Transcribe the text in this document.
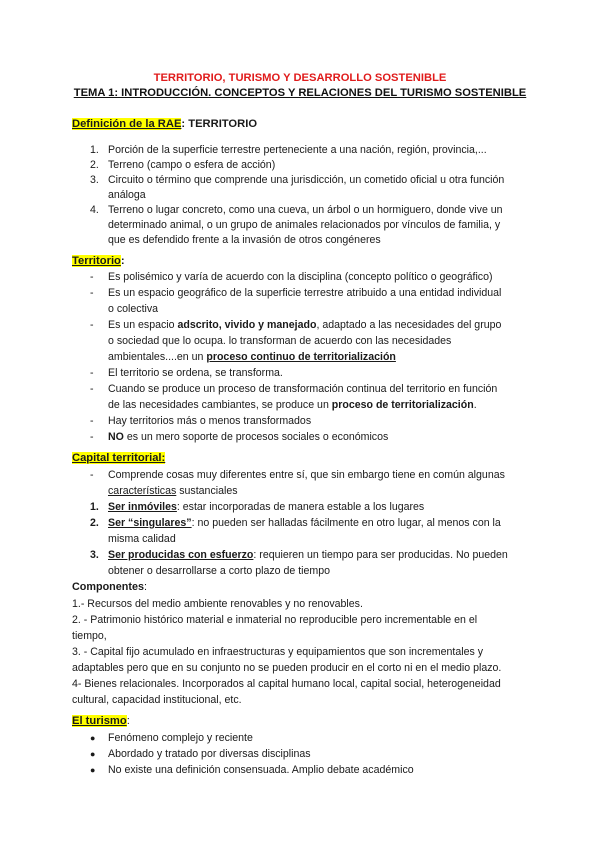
TERRITORIO, TURISMO Y DESARROLLO SOSTENIBLE
TEMA 1: INTRODUCCIÓN. CONCEPTOS Y RELACIONES DEL TURISMO SOSTENIBLE
Definición de la RAE: TERRITORIO
1. Porción de la superficie terrestre perteneciente a una nación, región, provincia,...
2. Terreno (campo o esfera de acción)
3. Circuito o término que comprende una jurisdicción, un cometido oficial u otra función
análoga
4. Terreno o lugar concreto, como una cueva, un árbol o un hormiguero, donde vive un
determinado animal, o un grupo de animales relacionados por vínculos de familia, y
que es defendido frente a la invasión de otros congéneres
Territorio:
- Es polisémico y varía de acuerdo con la disciplina (concepto político o geográfico)
- Es un espacio geográfico de la superficie terrestre atribuido a una entidad individual
o colectiva
- Es un espacio adscrito, vivido y manejado, adaptado a las necesidades del grupo
o sociedad que lo ocupa. lo transforman de acuerdo con las necesidades
ambientales....en un proceso continuo de territorialización
- El territorio se ordena, se transforma.
- Cuando se produce un proceso de transformación continua del territorio en función
de las necesidades cambiantes, se produce un proceso de territorialización.
- Hay territorios más o menos transformados
- NO es un mero soporte de procesos sociales o económicos
Capital territorial:
- Comprende cosas muy diferentes entre sí, que sin embargo tiene en común algunas
características sustanciales
1. Ser inmóviles: estar incorporadas de manera estable a los lugares
2. Ser “singulares”: no pueden ser halladas fácilmente en otro lugar, al menos con la
misma calidad
3. Ser producidas con esfuerzo: requieren un tiempo para ser producidas. No pueden
obtener o desarrollarse a corto plazo de tiempo
Componentes:
1.- Recursos del medio ambiente renovables y no renovables.
2. - Patrimonio histórico material e inmaterial no reproducible pero incrementable en el
tiempo,
3. - Capital fijo acumulado en infraestructuras y equipamientos que son incrementales y
adaptables pero que en su conjunto no se pueden producir en el corto ni en el medio plazo.
4- Bienes relacionales. Incorporados al capital humano local, capital social, heterogeneidad
cultural, capacidad institucional, etc.
El turismo:
● Fenómeno complejo y reciente
● Abordado y tratado por diversas disciplinas
● No existe una definición consensuada. Amplio debate académico
